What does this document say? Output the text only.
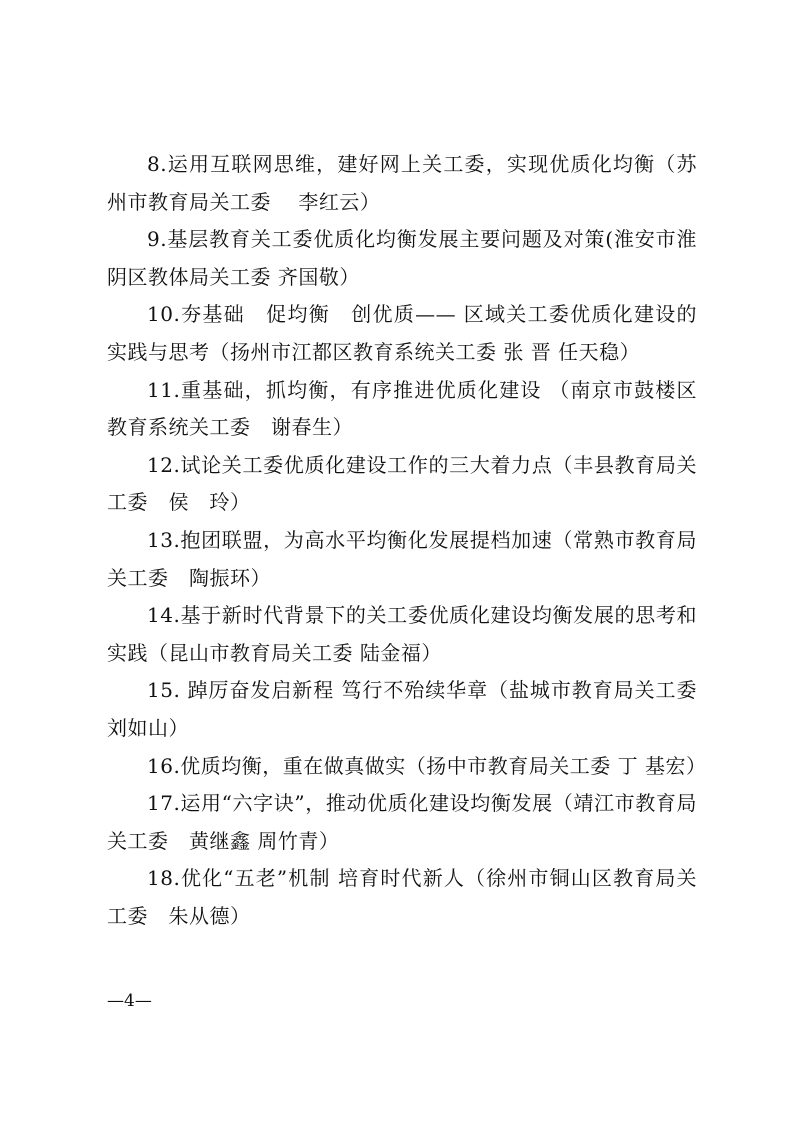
8.运用互联网思维，建好网上关工委，实现优质化均衡（苏州市教育局关工委　 李红云）

9.基层教育关工委优质化均衡发展主要问题及对策(淮安市淮阴区教体局关工委 齐国敬）

10.夯基础　促均衡　创优质—— 区域关工委优质化建设的实践与思考（扬州市江都区教育系统关工委 张 晋 任天稳）

11.重基础，抓均衡，有序推进优质化建设 （南京市鼓楼区教育系统关工委　谢春生）

12.试论关工委优质化建设工作的三大着力点（丰县教育局关工委　侯　玲）

13.抱团联盟，为高水平均衡化发展提档加速（常熟市教育局关工委　陶振环）

14.基于新时代背景下的关工委优质化建设均衡发展的思考和实践（昆山市教育局关工委 陆金福）

15. 踔厉奋发启新程 笃行不殆续华章（盐城市教育局关工委 刘如山）

16.优质均衡，重在做真做实（扬中市教育局关工委 丁 基宏）

17.运用“六字诀”，推动优质化建设均衡发展（靖江市教育局关工委　黄继鑫 周竹青）

18.优化“五老”机制 培育时代新人（徐州市铜山区教育局关工委　朱从德）

—4—
